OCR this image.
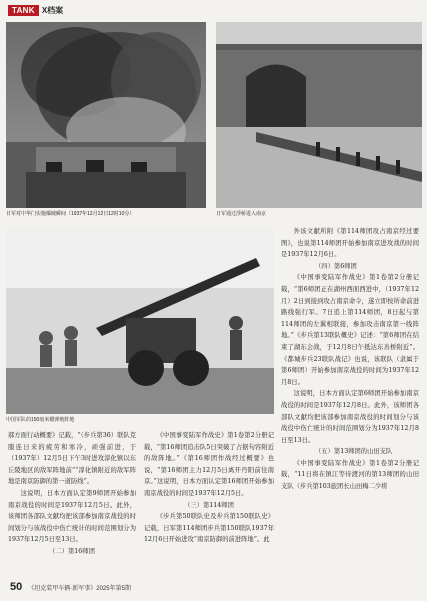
TANK X档案
日军对中华门实施爆破瞬间（1937年12月12日12时10分）	日军通过浮桥进入南京
中国军队的150毫米榴弹炮阵地

外该文献所附《第114师团攻占南京经过要图》，也说第114师团开始参加南京进攻战的时间是1937年12月6日。

（四）第6师团

《中国事变陆军作战史》第1卷第2分册记载，“第6师团正在湖州西面西进中，（1937年12月）2日到接到攻占南京命令，遂立即按所命前进路线强行军。7日追上第114师团，8日起与第114师团的左翼相联接，参加攻击南京第一线阵地。”《步兵第13联队概史》记述：“第6师团在结束了湖东会战，于12月8日午抵达东善桥附近”。《都城步兵23联队战记》也说，该联队（隶属于第6师团）开始参加南京战役的时间为1937年12月8日。

这说明，日本方面认定第6师团开始参加南京战役的时间是1937年12月8日。此外，该师团各部队文献均把该部参加南京战役的时间划分与该战役中伤亡统计的时间范围划分为1937年12月8日至13日。

（五）第13师团的山田支队

《中国事变陆军作战史》第1卷第2分册记载，“11日将在镇江等待渡河的第13师团的山田支队（步兵第103旅团长山田梅二少将

郝方面行动概要》记载，“（步兵第36）联队克服连日来的疲劳和寒冷，顽强前进，于（1937年）12月5日下午3时进攻淳化镇以东丘陵地区的敌军阵地前”“淳化镇附近的敌军阵地是南京防御的第一道防线”。

这说明，日本方面认定第9师团开始参加南京战役的时间是1937年12月5日。此外，该师团各部队文献均把该部参加南京战役的时间划分与该战役中伤亡统计的时间范围划分为1937年12月5日至13日。

（二）第16师团

《中国事变陆军作战史》第1卷第2分册记载，“第16师团追击队5日突破了占据句容附近的敌阵地。”《第16师团作战经过概要》也说，“第16师团主力12月5日离开丹阳前往南京。”这说明，日本方面认定第16师团开始参加南京战役的时间是1937年12月5日。

（三）第114师团

《步兵第50联队史及步兵第150联队史》记载，日军第114师团步兵第150联队1937年12月6日开始进攻“南京防御的前进阵地”。此

50 《坦克装甲车辆·新军事》2025年第5期
